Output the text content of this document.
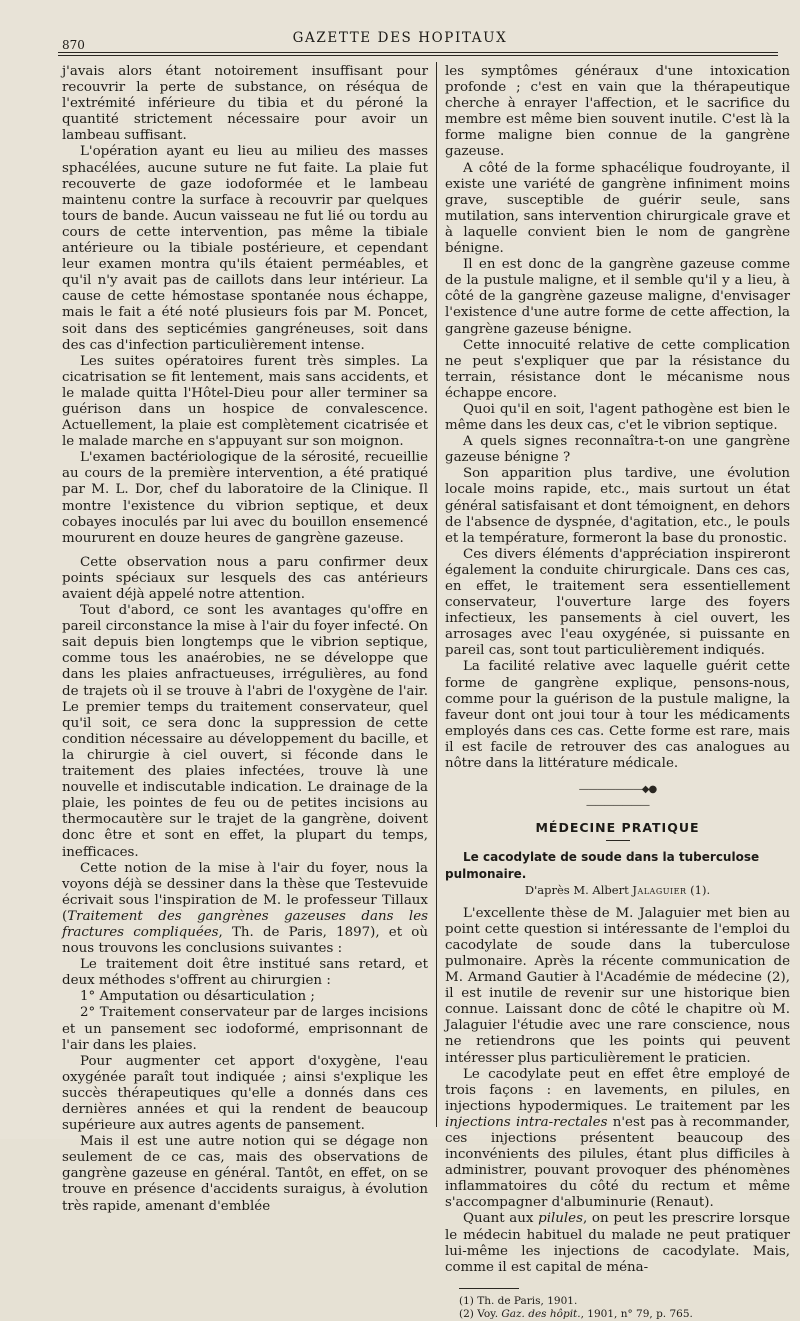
870	GAZETTE DES HOPITAUX

j'avais alors étant notoirement insuffisant pour recouvrir la perte de substance, on réséqua de l'extrémité inférieure du tibia et du péroné la quantité strictement nécessaire pour avoir un lambeau suffisant.

L'opération ayant eu lieu au milieu des masses sphacélées, aucune suture ne fut faite. La plaie fut recouverte de gaze iodoformée et le lambeau maintenu contre la surface à recouvrir par quelques tours de bande. Aucun vaisseau ne fut lié ou tordu au cours de cette intervention, pas même la tibiale antérieure ou la tibiale postérieure, et cependant leur examen montra qu'ils étaient perméables, et qu'il n'y avait pas de caillots dans leur intérieur. La cause de cette hémostase spontanée nous échappe, mais le fait a été noté plusieurs fois par M. Poncet, soit dans des septicémies gangréneuses, soit dans des cas d'infection particulièrement intense.

Les suites opératoires furent très simples. La cicatrisation se fit lentement, mais sans accidents, et le malade quitta l'Hôtel-Dieu pour aller terminer sa guérison dans un hospice de convalescence. Actuellement, la plaie est complètement cicatrisée et le malade marche en s'appuyant sur son moignon.

L'examen bactériologique de la sérosité, recueillie au cours de la première intervention, a été pratiqué par M. L. Dor, chef du laboratoire de la Clinique. Il montre l'existence du vibrion septique, et deux cobayes inoculés par lui avec du bouillon ensemencé moururent en douze heures de gangrène gazeuse.

Cette observation nous a paru confirmer deux points spéciaux sur lesquels des cas antérieurs avaient déjà appelé notre attention.

Tout d'abord, ce sont les avantages qu'offre en pareil circonstance la mise à l'air du foyer infecté. On sait depuis bien longtemps que le vibrion septique, comme tous les anaérobies, ne se développe que dans les plaies anfractueuses, irrégulières, au fond de trajets où il se trouve à l'abri de l'oxygène de l'air. Le premier temps du traitement conservateur, quel qu'il soit, ce sera donc la suppression de cette condition nécessaire au développement du bacille, et la chirurgie à ciel ouvert, si féconde dans le traitement des plaies infectées, trouve là une nouvelle et indiscutable indication. Le drainage de la plaie, les pointes de feu ou de petites incisions au thermocautère sur le trajet de la gangrène, doivent donc être et sont en effet, la plupart du temps, inefficaces.

Cette notion de la mise à l'air du foyer, nous la voyons déjà se dessiner dans la thèse que Testevuide écrivait sous l'inspiration de M. le professeur Tillaux (Traitement des gangrènes gazeuses dans les fractures compliquées, Th. de Paris, 1897), et où nous trouvons les conclusions suivantes :

Le traitement doit être institué sans retard, et deux méthodes s'offrent au chirurgien :

1° Amputation ou désarticulation ;

2° Traitement conservateur par de larges incisions et un pansement sec iodoformé, emprisonnant de l'air dans les plaies.

Pour augmenter cet apport d'oxygène, l'eau oxygénée paraît tout indiquée ; ainsi s'explique les succès thérapeutiques qu'elle a donnés dans ces dernières années et qui la rendent de beaucoup supérieure aux autres agents de pansement.

Mais il est une autre notion qui se dégage non seulement de ce cas, mais des observations de gangrène gazeuse en général. Tantôt, en effet, on se trouve en présence d'accidents suraigus, à évolution très rapide, amenant d'emblée

les symptômes généraux d'une intoxication profonde ; c'est en vain que la thérapeutique cherche à enrayer l'affection, et le sacrifice du membre est même bien souvent inutile. C'est là la forme maligne bien connue de la gangrène gazeuse.

A côté de la forme sphacélique foudroyante, il existe une variété de gangrène infiniment moins grave, susceptible de guérir seule, sans mutilation, sans intervention chirurgicale grave et à laquelle convient bien le nom de gangrène bénigne.

Il en est donc de la gangrène gazeuse comme de la pustule maligne, et il semble qu'il y a lieu, à côté de la gangrène gazeuse maligne, d'envisager l'existence d'une autre forme de cette affection, la gangrène gazeuse bénigne.

Cette innocuité relative de cette complication ne peut s'expliquer que par la résistance du terrain, résistance dont le mécanisme nous échappe encore.

Quoi qu'il en soit, l'agent pathogène est bien le même dans les deux cas, c'et le vibrion septique.

A quels signes reconnaîtra-t-on une gangrène gazeuse bénigne ?

Son apparition plus tardive, une évolution locale moins rapide, etc., mais surtout un état général satisfaisant et dont témoignent, en dehors de l'absence de dyspnée, d'agitation, etc., le pouls et la température, formeront la base du pronostic.

Ces divers éléments d'appréciation inspireront également la conduite chirurgicale. Dans ces cas, en effet, le traitement sera essentiellement conservateur, l'ouverture large des foyers infectieux, les pansements à ciel ouvert, les arrosages avec l'eau oxygénée, si puissante en pareil cas, sont tout particulièrement indiqués.

La facilité relative avec laquelle guérit cette forme de gangrène explique, pensons-nous, comme pour la guérison de la pustule maligne, la faveur dont ont joui tour à tour les médicaments employés dans ces cas. Cette forme est rare, mais il est facile de retrouver des cas analogues au nôtre dans la littérature médicale.

———————◆●———————
MÉDECINE PRATIQUE

Le cacodylate de soude dans la tuberculose pulmonaire.

D'après M. Albert Jalaguier (1).

L'excellente thèse de M. Jalaguier met bien au point cette question si intéressante de l'emploi du cacodylate de soude dans la tuberculose pulmonaire. Après la récente communication de M. Armand Gautier à l'Académie de médecine (2), il est inutile de revenir sur une historique bien connue. Laissant donc de côté le chapitre où M. Jalaguier l'étudie avec une rare conscience, nous ne retiendrons que les points qui peuvent intéresser plus particulièrement le praticien.

Le cacodylate peut en effet être employé de trois façons : en lavements, en pilules, en injections hypodermiques. Le traitement par les injections intra-rectales n'est pas à recommander, ces injections présentent beaucoup des inconvénients des pilules, étant plus difficiles à administrer, pouvant provoquer des phénomènes inflammatoires du côté du rectum et même s'accompagner d'albuminurie (Renaut).

Quant aux pilules, on peut les prescrire lorsque le médecin habituel du malade ne peut pratiquer lui-même les injections de cacodylate. Mais, comme il est capital de ména-

(1) Th. de Paris, 1901.
(2) Voy. Gaz. des hôpit., 1901, n° 79, p. 765.
